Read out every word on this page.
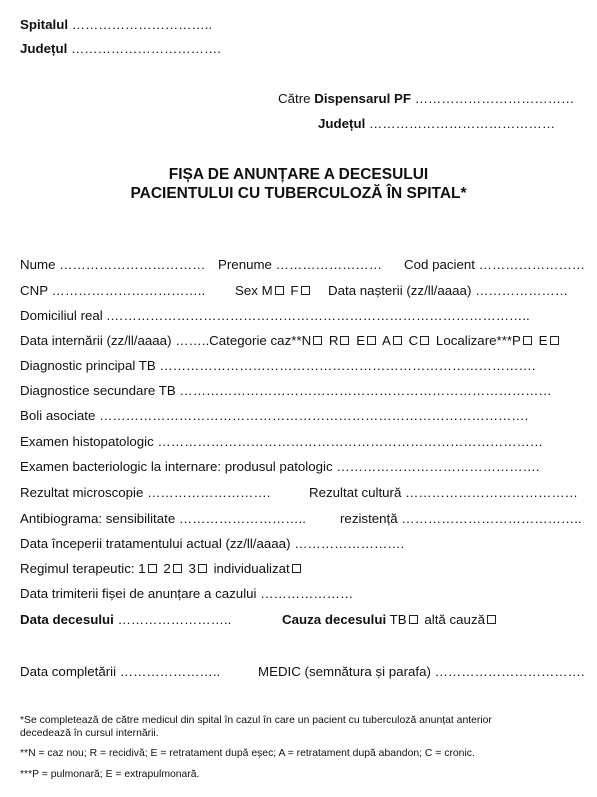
Spitalul …………………………..
Județul …………………………….
Către Dispensarul PF ………………………………
Județul ……………………………………
FIȘA DE ANUNȚARE A DECESULUI
PACIENTULUI CU TUBERCULOZĂ ÎN SPITAL*
Nume …………………………… Prenume …………………… Cod pacient ……………………
CNP …………………………….. Sex M F	Data nașterii (zz/ll/aaaa) …………………
Domiciliul real .…………………………………………………………………………………..
Data internării (zz/ll/aaaa) ……..Categorie caz**N R E A C Localizare***P E
Diagnostic principal TB ………………………………………………………………………….
Diagnostice secundare TB …………………………………………………………………………
Boli asociate …………………………………………………………………………………….
Examen histopatologic ……………………………………………………………………………
Examen bacteriologic la internare: produsul patologic ……………………………………….
Rezultat microscopie ……………………….	Rezultat cultură …………………………………
Antibiograma: sensibilitate ………………………..	rezistență …………………………………..
Data începerii tratamentului actual (zz/ll/aaaa) …………………….
Regimul terapeutic: 1 2 3 individualizat
Data trimiterii fișei de anunțare a cazului …………………
Data decesului ……………………..	Cauza decesului TB altă cauză
Data completării …………………..	MEDIC (semnătura și parafa) …………………………….
*Se completează de către medicul din spital în cazul în care un pacient cu tuberculoză anunțat anterior
decedează în cursul internării.
**N = caz nou; R = recidivă; E = retratament după eșec; A = retratament după abandon; C = cronic.
***P = pulmonară; E = extrapulmonară.
